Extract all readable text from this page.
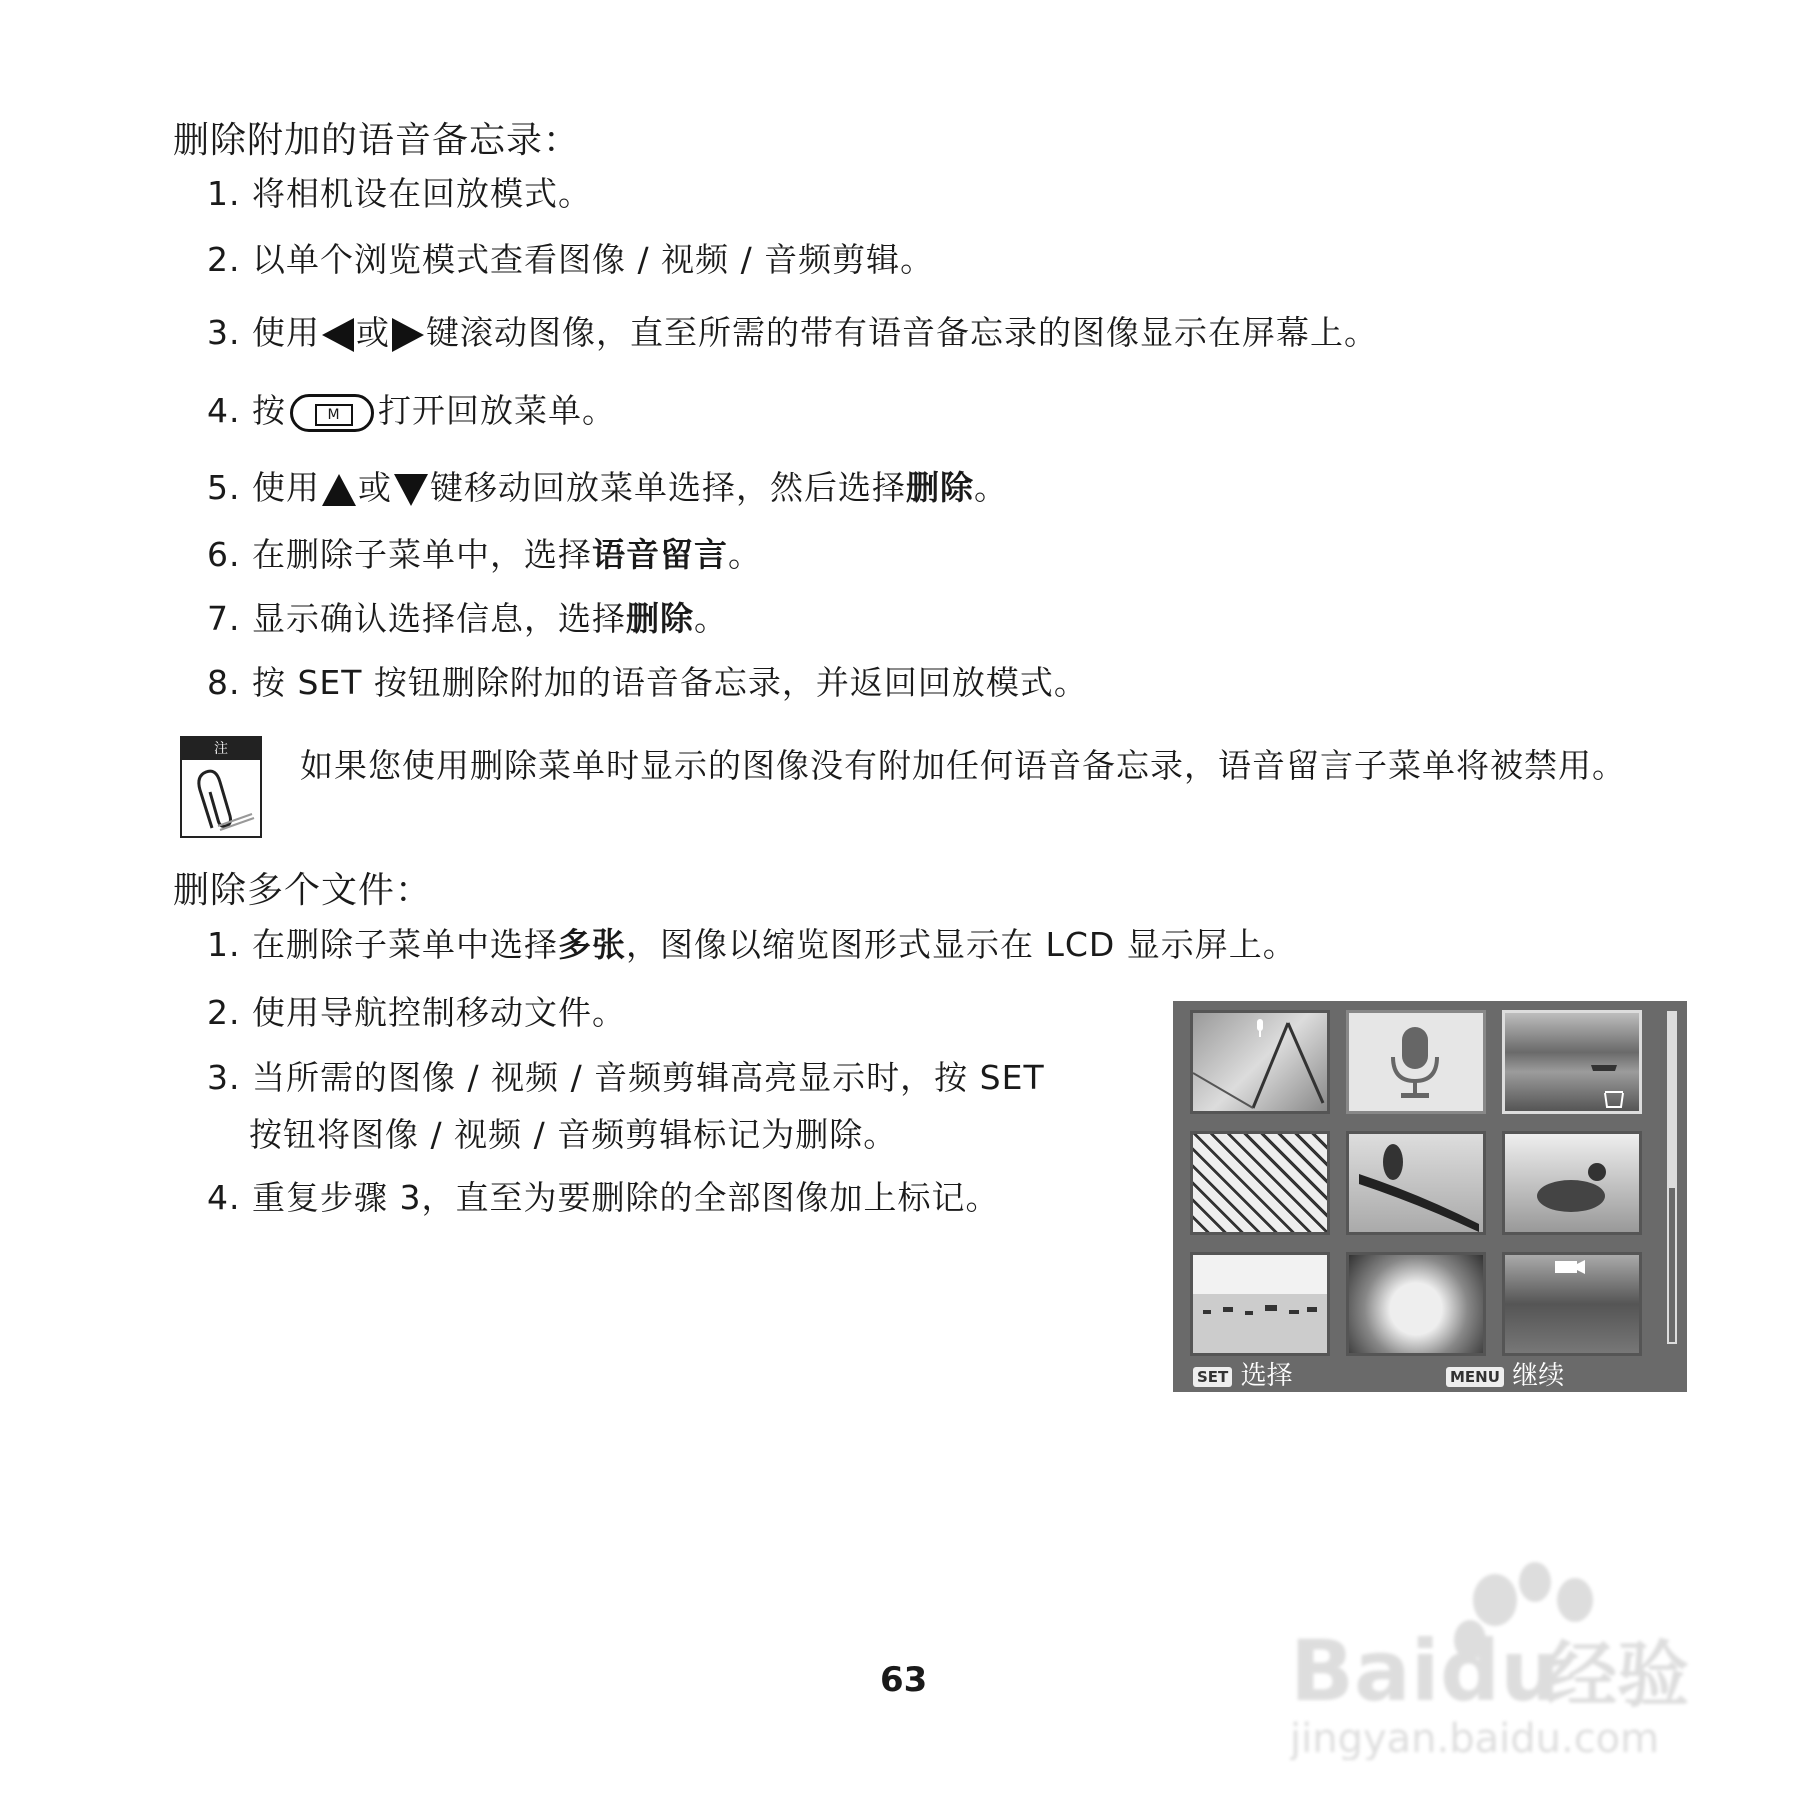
删除附加的语音备忘录：
1. 将相机设在回放模式。
2. 以单个浏览模式查看图像 / 视频 / 音频剪辑。
3. 使用 或 键滚动图像，直至所需的带有语音备忘录的图像显示在屏幕上。
4. 按	M	打开回放菜单。
5. 使用 或 键移动回放菜单选择，然后选择删除。
6. 在删除子菜单中，选择语音留言。
7. 显示确认选择信息，选择删除。
8. 按 SET 按钮删除附加的语音备忘录，并返回回放模式。
注	如果您使用删除菜单时显示的图像没有附加任何语音备忘录，语音留言子菜单将被禁用。
删除多个文件：
1. 在删除子菜单中选择多张，图像以缩览图形式显示在 LCD 显示屏上。
2. 使用导航控制移动文件。
3. 当所需的图像 / 视频 / 音频剪辑高亮显示时，按 SET
按钮将图像 / 视频 / 音频剪辑标记为删除。
4. 重复步骤 3，直至为要删除的全部图像加上标记。
SET 选择	MENU 继续
63	Bai du
经验
jingyan.baidu.com
